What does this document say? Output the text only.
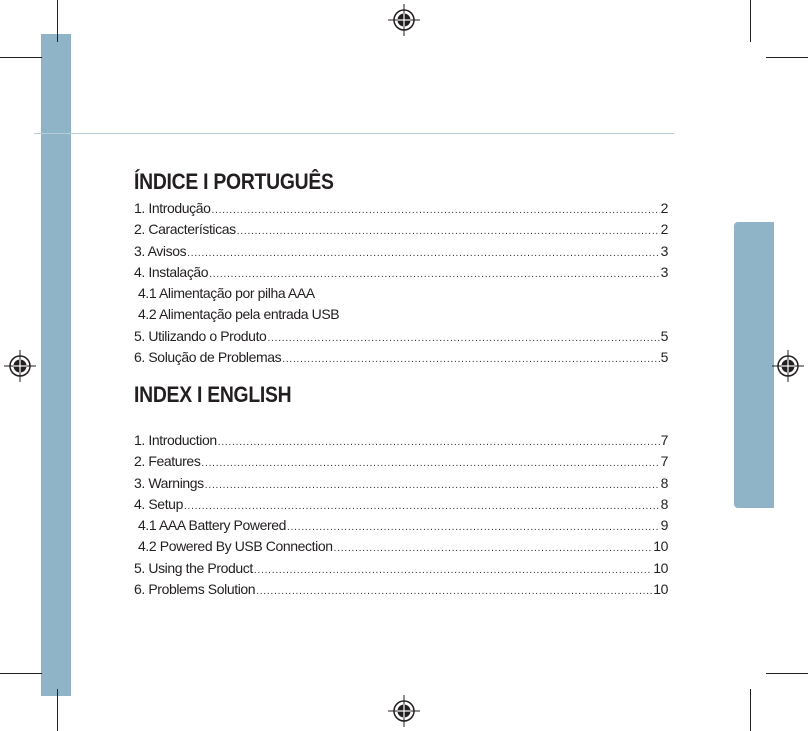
ÍNDICE I PORTUGUÊS
1. Introdução .....	2
2. Características .....	2
3. Avisos .....	3
4. Instalação .....	3
4.1 Alimentação por pilha AAA
4.2 Alimentação pela entrada USB
5. Utilizando o Produto .....	5
6. Solução de Problemas .....	5
INDEX I ENGLISH
1. Introduction .....	7
2. Features .....	7
3. Warnings .....	8
4. Setup .....	8
4.1 AAA Battery Powered .....	9
4.2 Powered By USB Connection .....	10
5. Using the Product .....	10
6. Problems Solution .....	10
